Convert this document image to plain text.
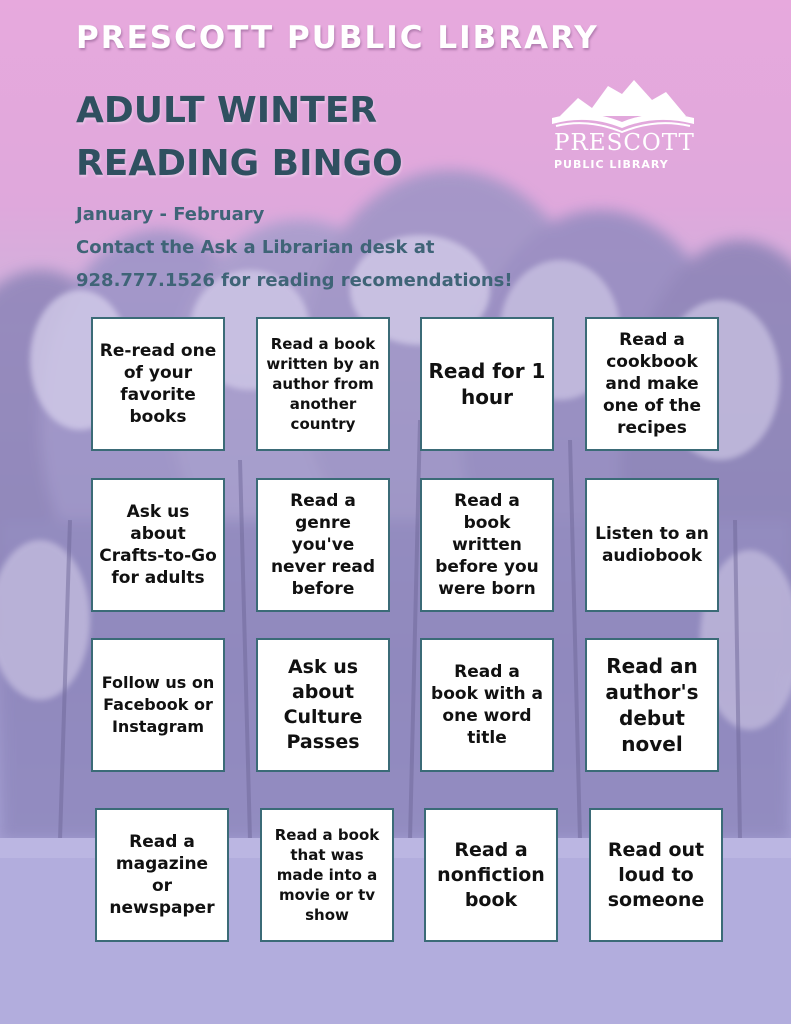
PRESCOTT PUBLIC LIBRARY
ADULT WINTER
READING BINGO
January - February
Contact the Ask a Librarian desk at
928.777.1526 for reading recomendations!
PRESCOTT
PUBLIC LIBRARY
Re-read one of your favorite books
Read a book written by an author from another country
Read for 1 hour
Read a cookbook and make one of the recipes
Ask us about Crafts-to-Go for adults
Read a genre you've never read before
Read a book written before you were born
Listen to an audiobook
Follow us on Facebook or Instagram
Ask us about Culture Passes
Read a book with a one word title
Read an author's debut novel
Read a magazine or newspaper
Read a book that was made into a movie or tv show
Read a nonfiction book
Read out loud to someone
